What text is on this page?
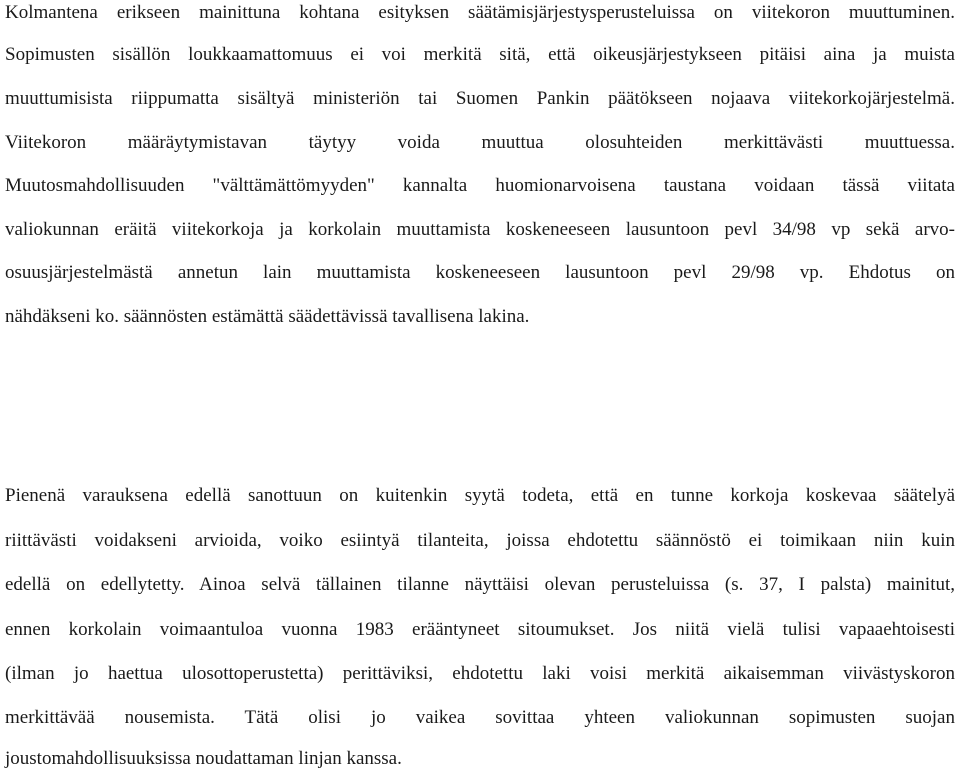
Kolmantena erikseen mainittuna kohtana esityksen säätämisjärjestysperusteluissa on viitekoron muuttuminen.
Sopimusten sisällön loukkaamattomuus ei voi merkitä sitä, että oikeusjärjestykseen pitäisi aina ja muista
muuttumisista riippumatta sisältyä ministeriön tai Suomen Pankin päätökseen nojaava viitekorkojärjestelmä.
Viitekoron määräytymistavan täytyy voida muuttua olosuhteiden merkittävästi muuttuessa.
Muutosmahdollisuuden "välttämättömyyden" kannalta huomionarvoisena taustana voidaan tässä viitata
valiokunnan eräitä viitekorkoja ja korkolain muuttamista koskeneeseen lausuntoon pevl 34/98 vp sekä arvo-
osuusjärjestelmästä annetun lain muuttamista koskeneeseen lausuntoon pevl 29/98 vp. Ehdotus on
nähdäkseni ko. säännösten estämättä säädettävissä tavallisena lakina.
Pienenä varauksena edellä sanottuun on kuitenkin syytä todeta, että en tunne korkoja koskevaa säätelyä
riittävästi voidakseni arvioida, voiko esiintyä tilanteita, joissa ehdotettu säännöstö ei toimikaan niin kuin
edellä on edellytetty. Ainoa selvä tällainen tilanne näyttäisi olevan perusteluissa (s. 37, I palsta) mainitut,
ennen korkolain voimaantuloa vuonna 1983 erääntyneet sitoumukset. Jos niitä vielä tulisi vapaaehtoisesti
(ilman jo haettua ulosottoperustetta) perittäviksi, ehdotettu laki voisi merkitä aikaisemman viivästyskoron
merkittävää nousemista. Tätä olisi jo vaikea sovittaa yhteen valiokunnan sopimusten suojan
joustomahdollisuuksissa noudattaman linjan kanssa.
